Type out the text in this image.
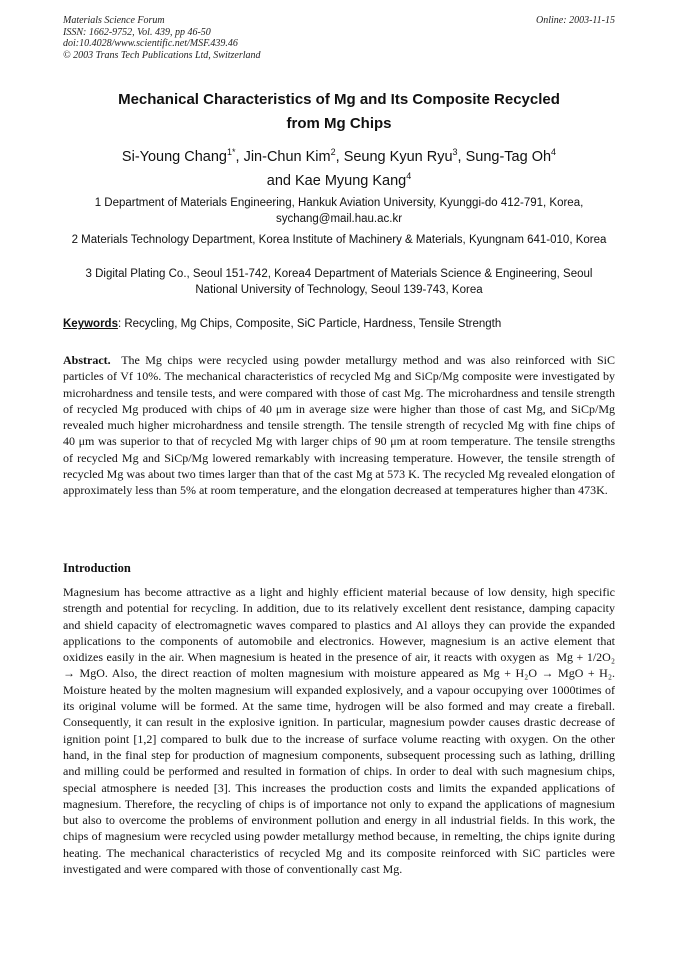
Materials Science Forum
ISSN: 1662-9752, Vol. 439, pp 46-50
doi:10.4028/www.scientific.net/MSF.439.46
© 2003 Trans Tech Publications Ltd, Switzerland
Online: 2003-11-15
Mechanical Characteristics of Mg and Its Composite Recycled
from Mg Chips
Si-Young Chang$^{1*}$, Jin-Chun Kim$^2$, Seung Kyun Ryu$^3$, Sung-Tag Oh$^4$
and Kae Myung Kang$^4$
1 Department of Materials Engineering, Hankuk Aviation University, Kyunggi-do 412-791, Korea, sychang@mail.hau.ac.kr
2 Materials Technology Department, Korea Institute of Machinery & Materials, Kyungnam 641-010, Korea
3 Digital Plating Co., Seoul 151-742, Korea4 Department of Materials Science & Engineering, Seoul National University of Technology, Seoul 139-743, Korea
Keywords: Recycling, Mg Chips, Composite, SiC Particle, Hardness, Tensile Strength
Abstract. The Mg chips were recycled using powder metallurgy method and was also reinforced with SiC particles of Vf 10%. The mechanical characteristics of recycled Mg and SiCp/Mg composite were investigated by microhardness and tensile tests, and were compared with those of cast Mg. The microhardness and tensile strength of recycled Mg produced with chips of 40 μm in average size were higher than those of cast Mg, and SiCp/Mg revealed much higher microhardness and tensile strength. The tensile strength of recycled Mg with fine chips of 40 μm was superior to that of recycled Mg with larger chips of 90 μm at room temperature. The tensile strengths of recycled Mg and SiCp/Mg lowered remarkably with increasing temperature. However, the tensile strength of recycled Mg was about two times larger than that of the cast Mg at 573 K. The recycled Mg revealed elongation of approximately less than 5% at room temperature, and the elongation decreased at temperatures higher than 473K.
Introduction
Magnesium has become attractive as a light and highly efficient material because of low density, high specific strength and potential for recycling. In addition, due to its relatively excellent dent resistance, damping capacity and shield capacity of electromagnetic waves compared to plastics and Al alloys they can provide the expanded applications to the components of automobile and electronics. However, magnesium is an active element that oxidizes easily in the air. When magnesium is heated in the presence of air, it reacts with oxygen as Mg + 1/2O₂ → MgO. Also, the direct reaction of molten magnesium with moisture appeared as Mg + H₂O → MgO + H₂. Moisture heated by the molten magnesium will expanded explosively, and a vapour occupying over 1000times of its original volume will be formed. At the same time, hydrogen will be also formed and may create a fireball. Consequently, it can result in the explosive ignition. In particular, magnesium powder causes drastic decrease of ignition point [1,2] compared to bulk due to the increase of surface volume reacting with oxygen. On the other hand, in the final step for production of magnesium components, subsequent processing such as lathing, drilling and milling could be performed and resulted in formation of chips. In order to deal with such magnesium chips, special atmosphere is needed [3]. This increases the production costs and limits the expanded applications of magnesium. Therefore, the recycling of chips is of importance not only to expand the applications of magnesium but also to overcome the problems of environment pollution and energy in all industrial fields. In this work, the chips of magnesium were recycled using powder metallurgy method because, in remelting, the chips ignite during heating. The mechanical characteristics of recycled Mg and its composite reinforced with SiC particles were investigated and were compared with those of conventionally cast Mg.
